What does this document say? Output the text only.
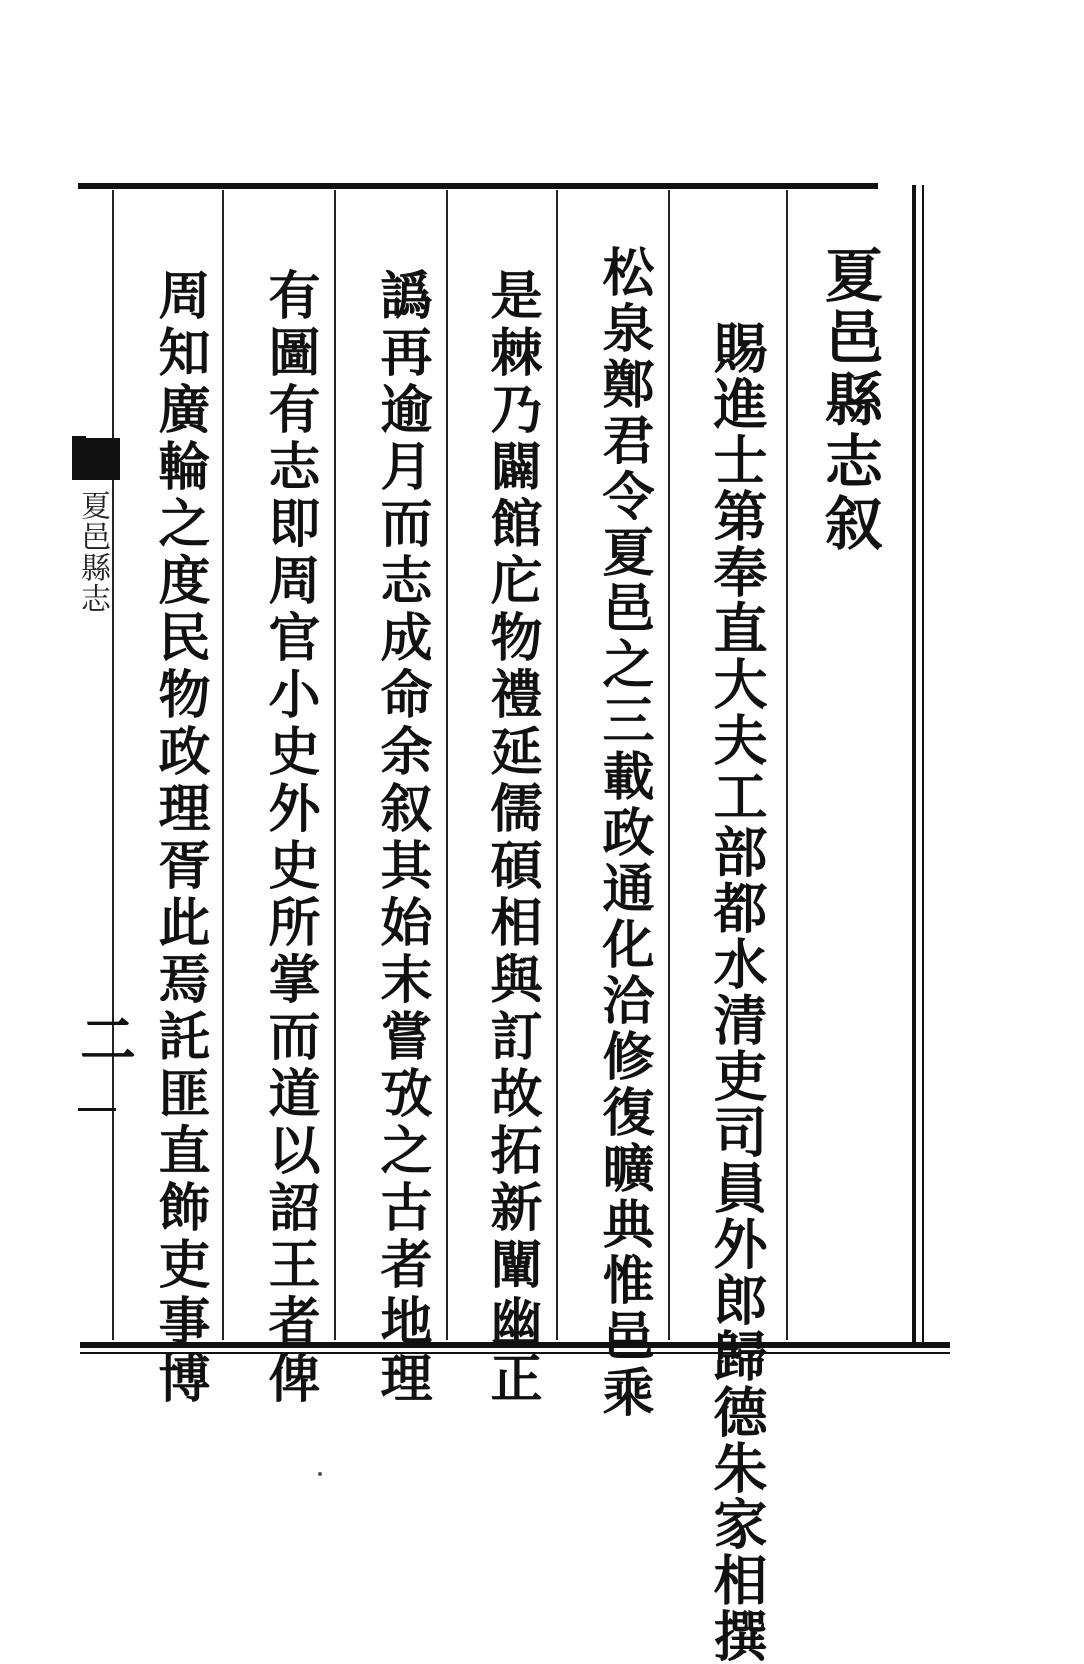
夏邑縣志叙
賜進士第奉直大夫工部都水清吏司
員外郎歸德朱家相撰
松泉鄭君令夏邑之三載政通化洽修復曠典惟邑乘
是棘乃闢館庀物禮延儒碩相與訂故拓新闡幽正
譌再逾月而志成命余叙其始末嘗攷之古者地理
有圖有志即周官小史外史所掌而道以詔王者俾
周知廣輪之度民物政理胥此焉託匪直飾吏事博
夏邑縣志
二
